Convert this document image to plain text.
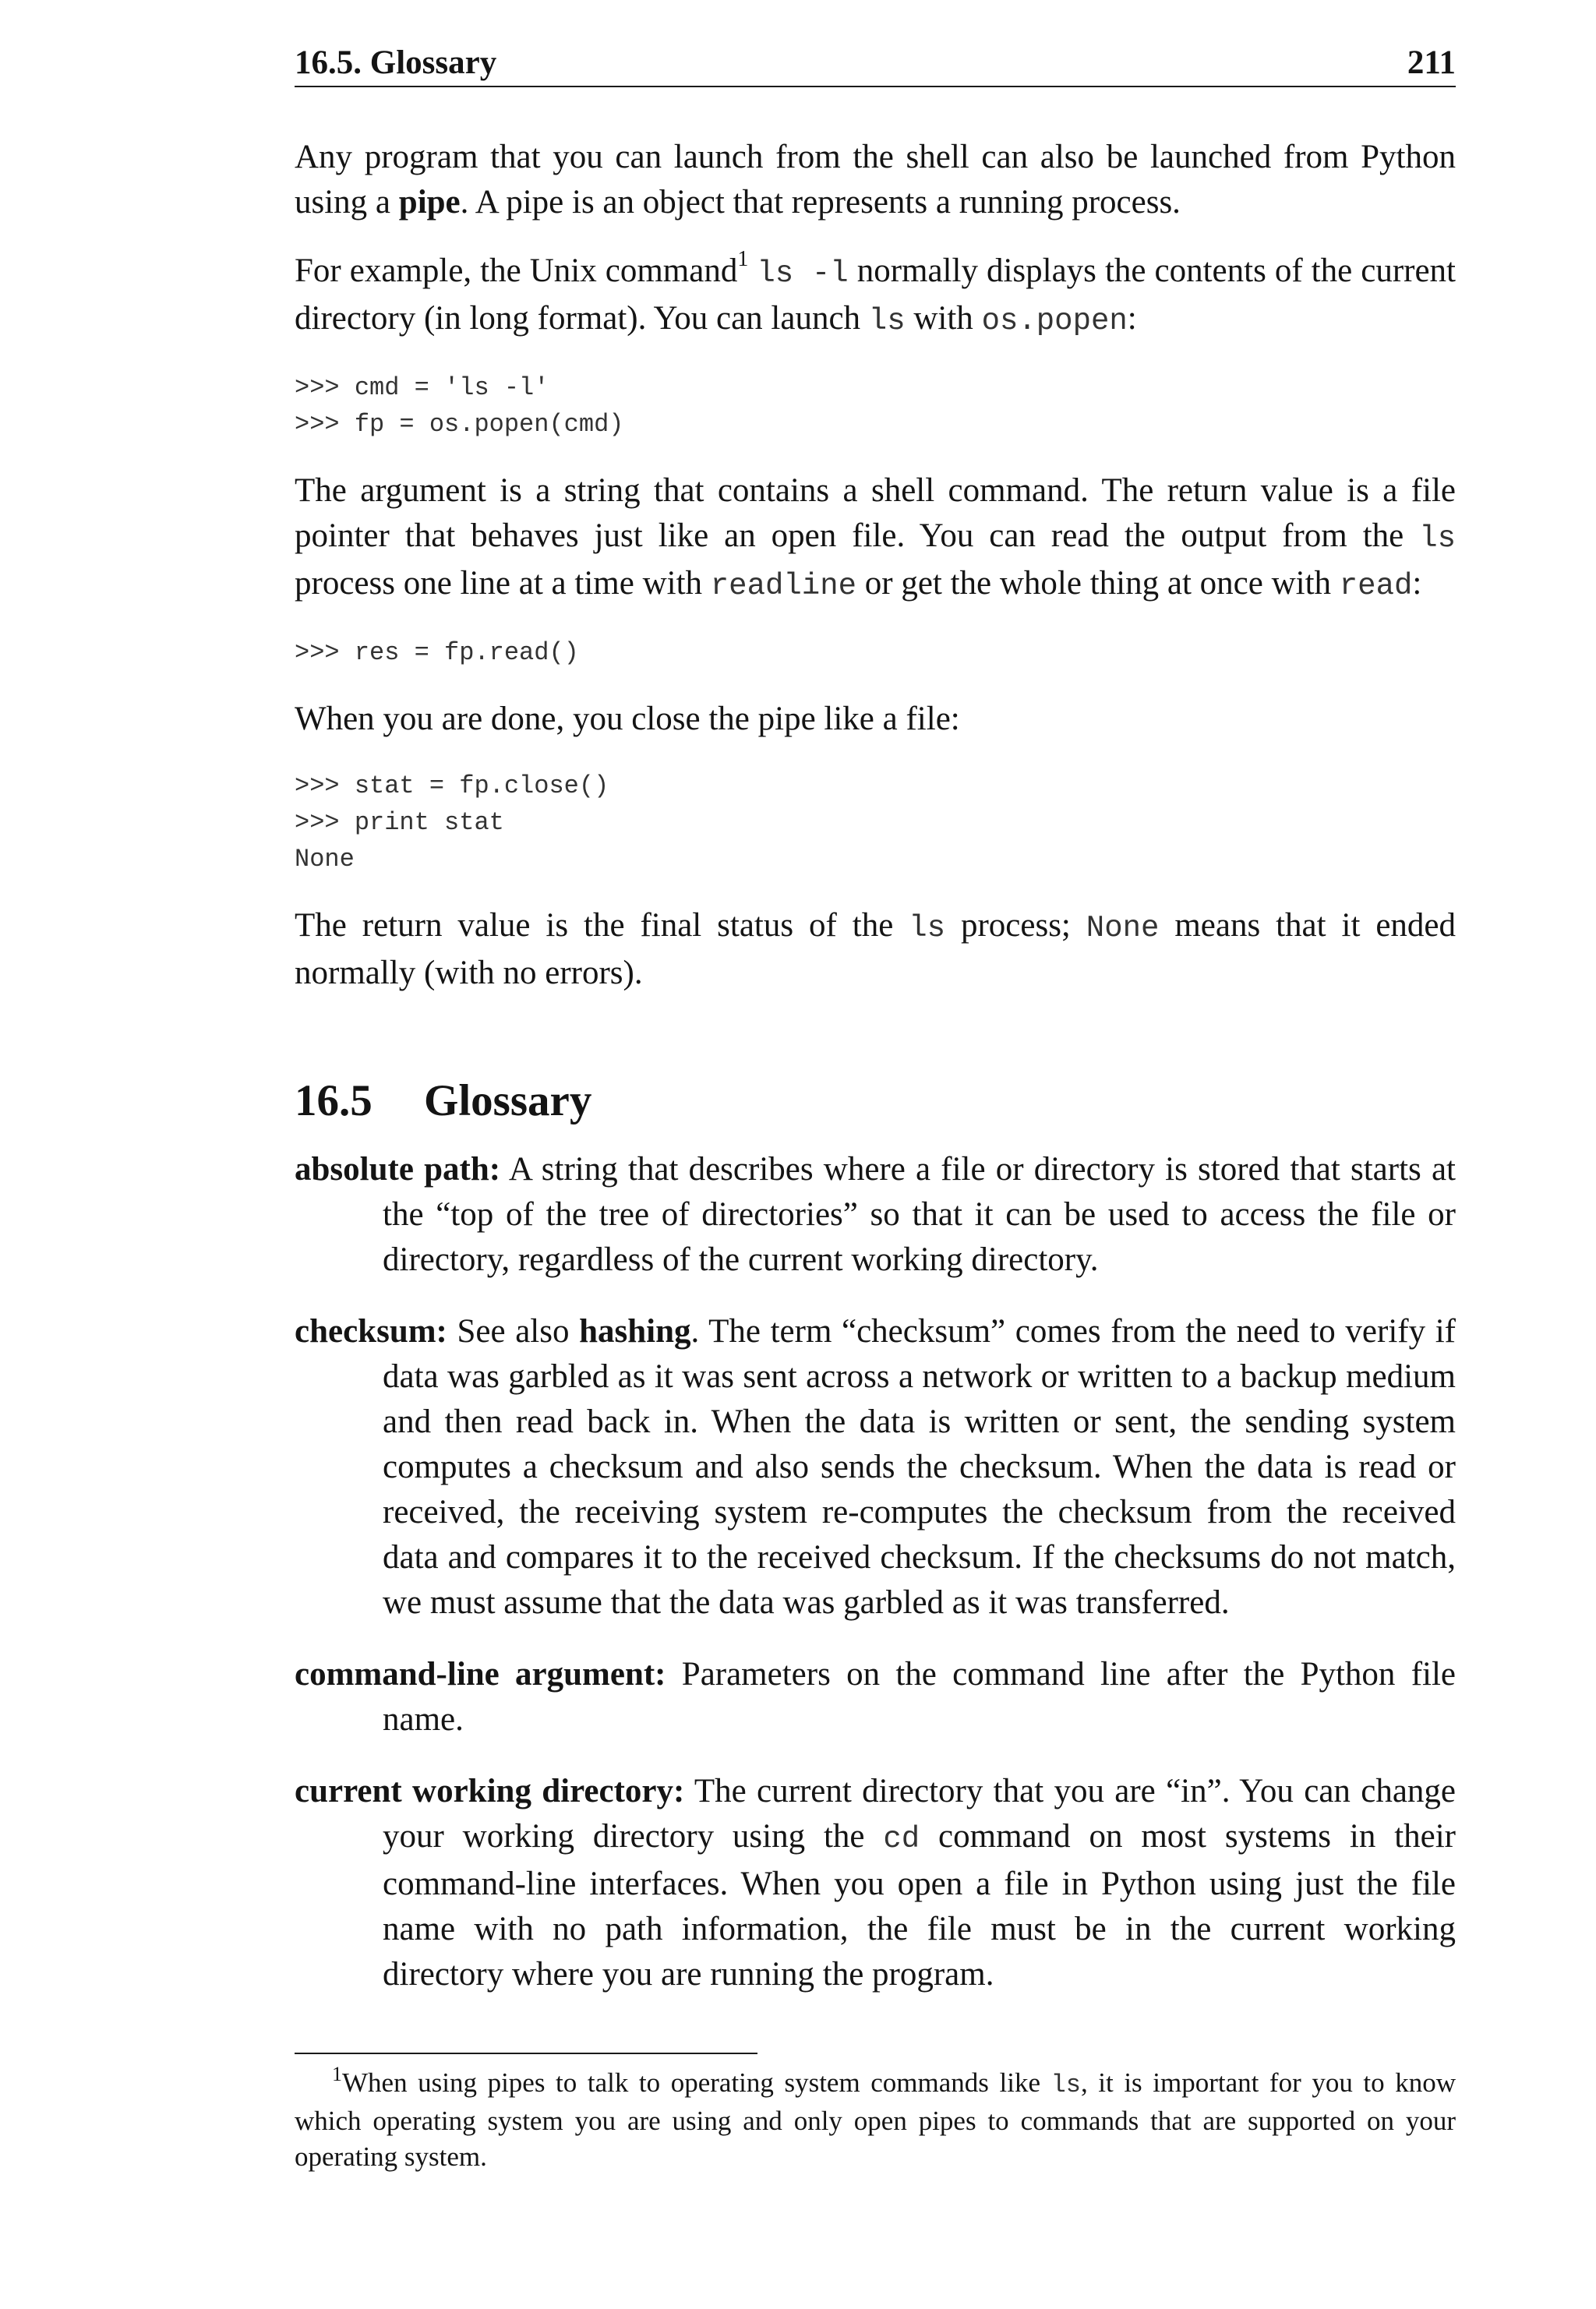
16.5. Glossary	211

Any program that you can launch from the shell can also be launched from Python using a pipe. A pipe is an object that represents a running process.

For example, the Unix command$^1$ ls -l normally displays the contents of the current directory (in long format). You can launch ls with os.popen:

>>> cmd = 'ls -l'
>>> fp = os.popen(cmd)

The argument is a string that contains a shell command. The return value is a file pointer that behaves just like an open file. You can read the output from the ls process one line at a time with readline or get the whole thing at once with read:

>>> res = fp.read()

When you are done, you close the pipe like a file:

>>> stat = fp.close()
>>> print stat
None

The return value is the final status of the ls process; None means that it ended normally (with no errors).

16.5 Glossary

absolute path: A string that describes where a file or directory is stored that starts at the “top of the tree of directories” so that it can be used to access the file or directory, regardless of the current working directory.

checksum: See also hashing. The term “checksum” comes from the need to verify if data was garbled as it was sent across a network or written to a backup medium and then read back in. When the data is written or sent, the sending system computes a checksum and also sends the checksum. When the data is read or received, the receiving system re-computes the checksum from the received data and compares it to the received checksum. If the checksums do not match, we must assume that the data was garbled as it was transferred.

command-line argument: Parameters on the command line after the Python file name.

current working directory: The current directory that you are “in”. You can change your working directory using the cd command on most systems in their command-line interfaces. When you open a file in Python using just the file name with no path information, the file must be in the current working directory where you are running the program.

$^1$When using pipes to talk to operating system commands like ls, it is important for you to know which operating system you are using and only open pipes to commands that are supported on your operating system.
